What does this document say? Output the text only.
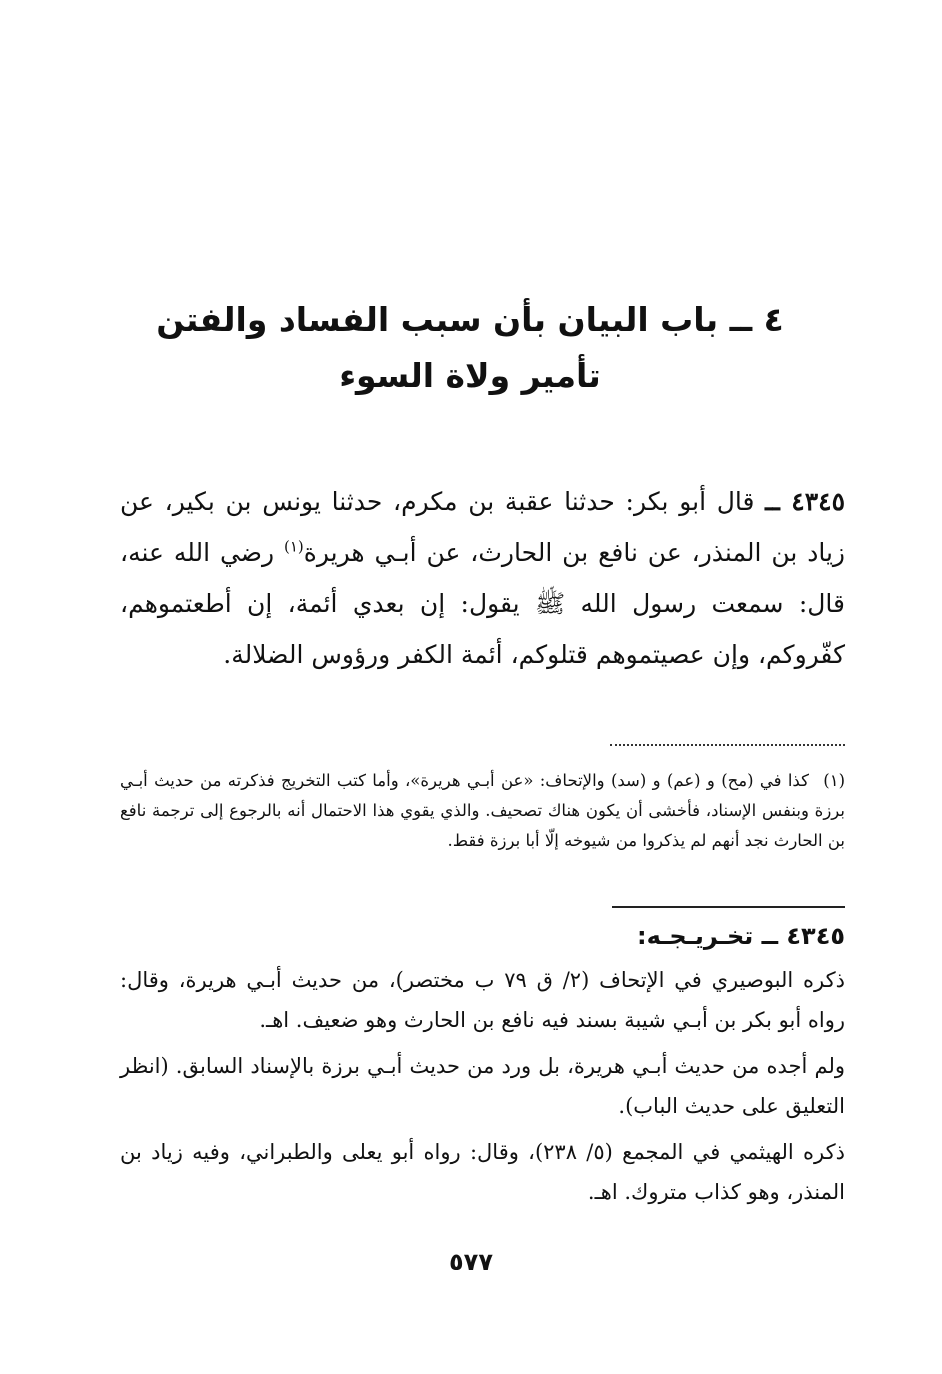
٤ ــ باب البيان بأن سبب الفساد والفتن
تأمير ولاة السوء
٤٣٤٥ ــ قال أبو بكر: حدثنا عقبة بن مكرم، حدثنا يونس بن بكير، عن زياد بن المنذر، عن نافع بن الحارث، عن أبـي هريرة$^{(١)}$ رضي الله عنه، قال: سمعت رسول الله ﷺ يقول: إن بعدي أئمة، إن أطعتموهم، كفّروكم، وإن عصيتموهم قتلوكم، أئمة الكفر ورؤوس الضلالة.
(١) كذا في (مح) و (عم) و (سد) والإتحاف: «عن أبـي هريرة»، وأما كتب التخريج فذكرته من حديث أبـي برزة وبنفس الإسناد، فأخشى أن يكون هناك تصحيف. والذي يقوي هذا الاحتمال أنه بالرجوع إلى ترجمة نافع بن الحارث نجد أنهم لم يذكروا من شيوخه إلّا أبا برزة فقط.
٤٣٤٥ ــ تخـريـجـه:

ذكره البوصيري في الإتحاف (٢/ ق ٧٩ ب مختصر)، من حديث أبـي هريرة، وقال: رواه أبو بكر بن أبـي شيبة بسند فيه نافع بن الحارث وهو ضعيف. اهـ.

ولم أجده من حديث أبـي هريرة، بل ورد من حديث أبـي برزة بالإسناد السابق. (انظر التعليق على حديث الباب).

ذكره الهيثمي في المجمع (٥/ ٢٣٨)، وقال: رواه أبو يعلى والطبراني، وفيه زياد بن المنذر، وهو كذاب متروك. اهـ.

٥٧٧
